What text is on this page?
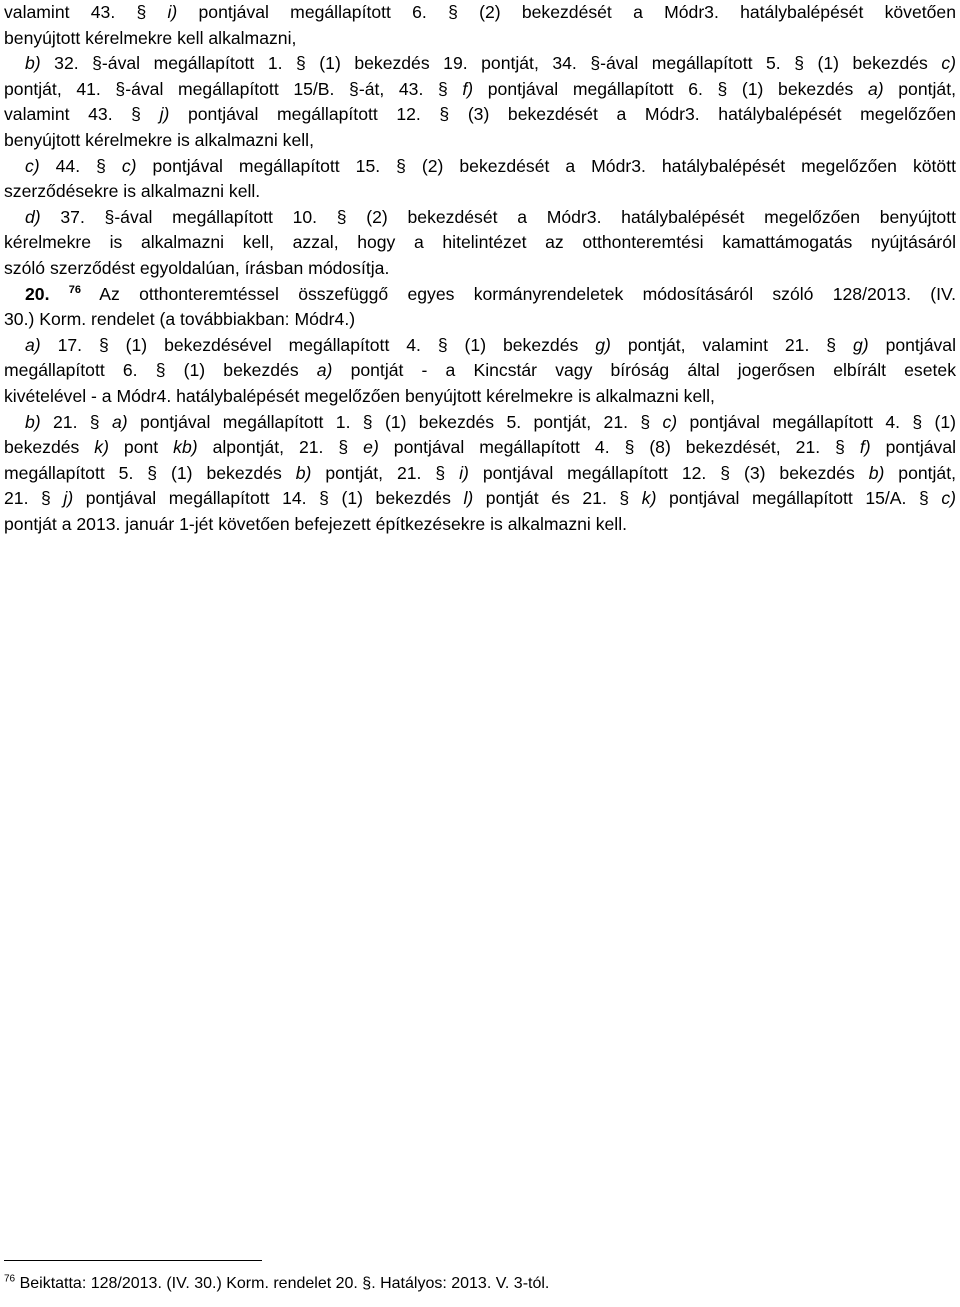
valamint 43. § i) pontjával megállapított 6. § (2) bekezdését a Módr3. hatálybalépését követően
benyújtott kérelmekre kell alkalmazni,
b) 32. §-ával megállapított 1. § (1) bekezdés 19. pontját, 34. §-ával megállapított 5. § (1) bekezdés c)
pontját, 41. §-ával megállapított 15/B. §-át, 43. § f) pontjával megállapított 6. § (1) bekezdés a) pontját,
valamint 43. § j) pontjával megállapított 12. § (3) bekezdését a Módr3. hatálybalépését megelőzően
benyújtott kérelmekre is alkalmazni kell,
c) 44. § c) pontjával megállapított 15. § (2) bekezdését a Módr3. hatálybalépését megelőzően kötött
szerződésekre is alkalmazni kell.
d) 37. §-ával megállapított 10. § (2) bekezdését a Módr3. hatálybalépését megelőzően benyújtott
kérelmekre is alkalmazni kell, azzal, hogy a hitelintézet az otthonteremtési kamattámogatás nyújtásáról
szóló szerződést egyoldalúan, írásban módosítja.
20. $^{76}$ Az otthonteremtéssel összefüggő egyes kormányrendeletek módosításáról szóló 128/2013. (IV.
30.) Korm. rendelet (a továbbiakban: Módr4.)
a) 17. § (1) bekezdésével megállapított 4. § (1) bekezdés g) pontját, valamint 21. § g) pontjával
megállapított 6. § (1) bekezdés a) pontját - a Kincstár vagy bíróság által jogerősen elbírált esetek
kivételével - a Módr4. hatálybalépését megelőzően benyújtott kérelmekre is alkalmazni kell,
b) 21. § a) pontjával megállapított 1. § (1) bekezdés 5. pontját, 21. § c) pontjával megállapított 4. § (1)
bekezdés k) pont kb) alpontját, 21. § e) pontjával megállapított 4. § (8) bekezdését, 21. § f) pontjával
megállapított 5. § (1) bekezdés b) pontját, 21. § i) pontjával megállapított 12. § (3) bekezdés b) pontját,
21. § j) pontjával megállapított 14. § (1) bekezdés l) pontját és 21. § k) pontjával megállapított 15/A. § c)
pontját a 2013. január 1-jét követően befejezett építkezésekre is alkalmazni kell.
$^{76}$ Beiktatta: 128/2013. (IV. 30.) Korm. rendelet 20. §. Hatályos: 2013. V. 3-tól.
